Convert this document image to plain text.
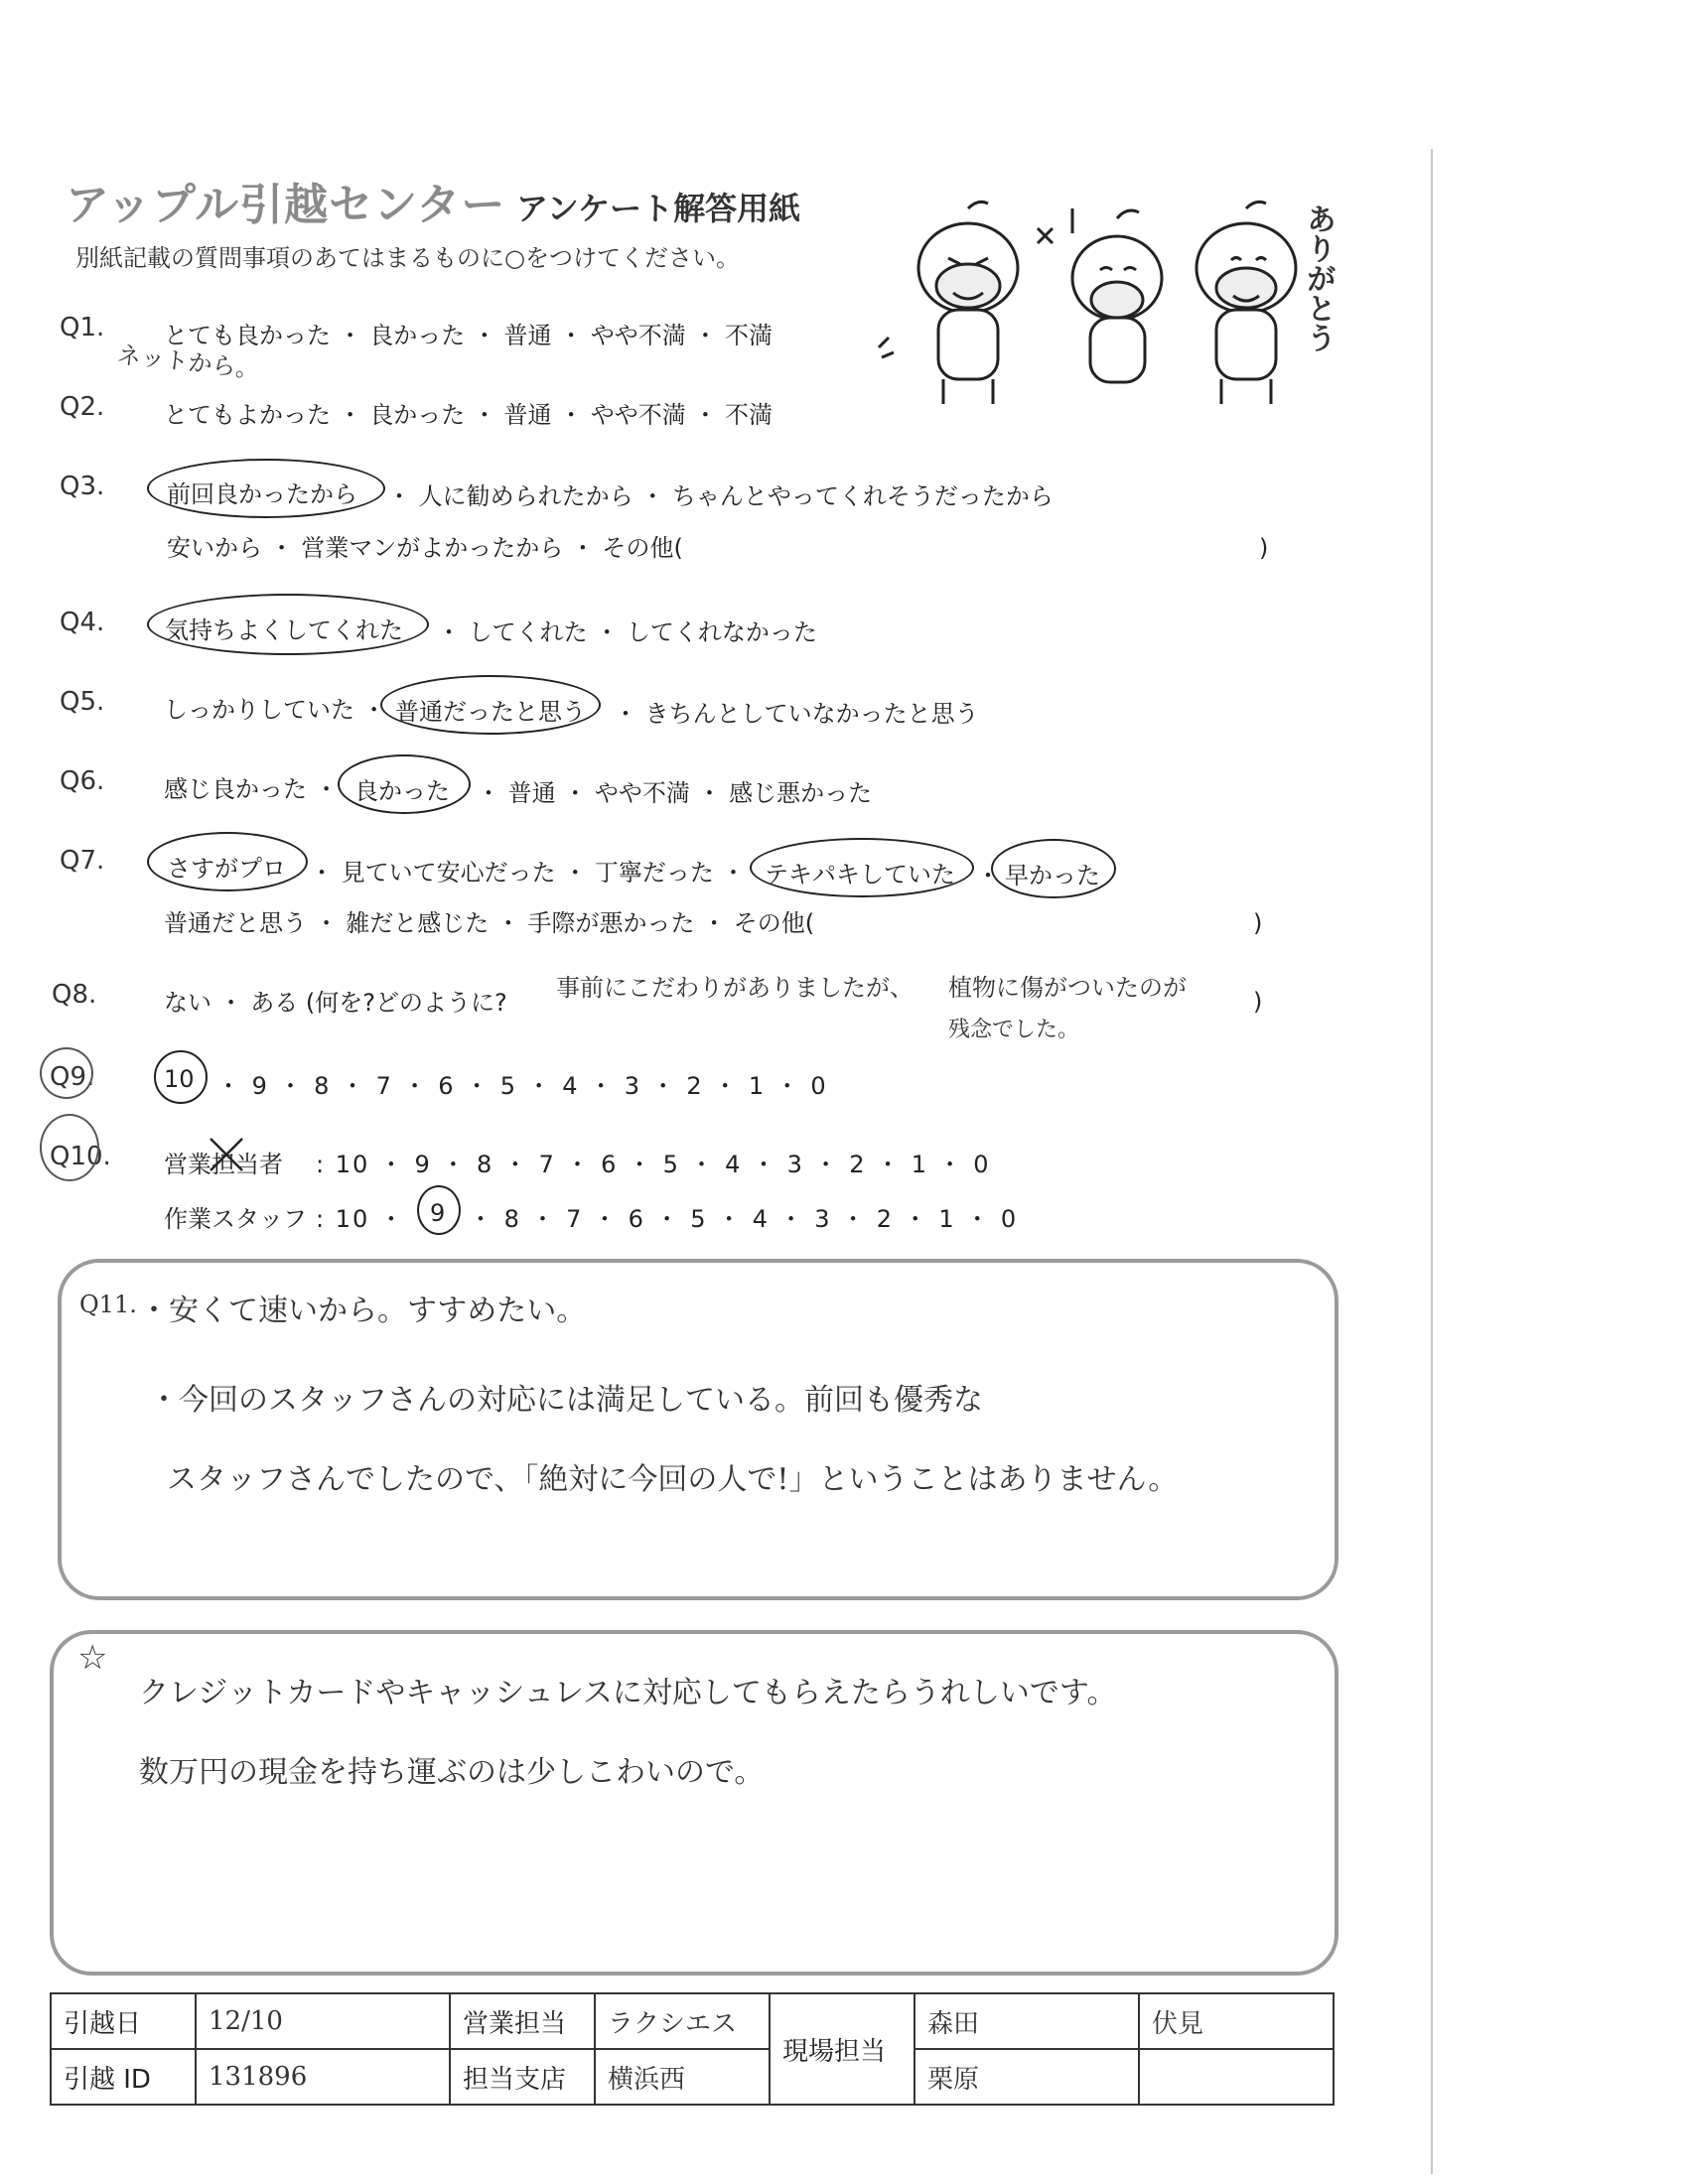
アップル引越センター アンケート解答用紙
別紙記載の質問事項のあてはまるものに○をつけてください。	ありがとう
Q1. とても良かった ・ 良かった ・ 普通 ・ やや不満 ・ 不満
ネットから。
Q2. とてもよかった ・ 良かった ・ 普通 ・ やや不満 ・ 不満
Q3.	前回良かったから ・ 人に勧められたから ・ ちゃんとやってくれそうだったから
安いから ・ 営業マンがよかったから ・ その他(	)
Q4.	気持ちよくしてくれた ・ してくれた ・ してくれなかった
Q5. しっかりしていた ・ 普通だったと思う ・ きちんとしていなかったと思う
Q6. 感じ良かった ・ 良かった ・ 普通 ・ やや不満 ・ 感じ悪かった
Q7.	さすがプロ ・ 見ていて安心だった ・ 丁寧だった ・ テキパキしていた ・ 早かった
普通だと思う ・ 雑だと感じた ・ 手際が悪かった ・ その他(	)
Q8.	ない ・ ある (何を?どのように?
事前にこだわりがありましたが、 植物に傷がついたのが
残念でした。
)
Q9.	10 ・ 9 ・ 8 ・ 7 ・ 6 ・ 5 ・ 4 ・ 3 ・ 2 ・ 1 ・ 0
Q10. 営業担当者 : 10 ・ 9 ・ 8 ・ 7 ・ 6 ・ 5 ・ 4 ・ 3 ・ 2 ・ 1 ・ 0
作業スタッフ : 10 ・ 9 ・ 8 ・ 7 ・ 6 ・ 5 ・ 4 ・ 3 ・ 2 ・ 1 ・ 0
Q11. ・安くて速いから。すすめたい。
・今回のスタッフさんの対応には満足している。前回も優秀な
スタッフさんでしたので、「絶対に今回の人で!」ということはありません。
☆
クレジットカードやキャッシュレスに対応してもらえたらうれしいです。
数万円の現金を持ち運ぶのは少しこわいので。
引越日	12/10	営業担当	ラクシエス	現場担当	森田	伏見
引越 ID	131896	担当支店	横浜西		栗原	
